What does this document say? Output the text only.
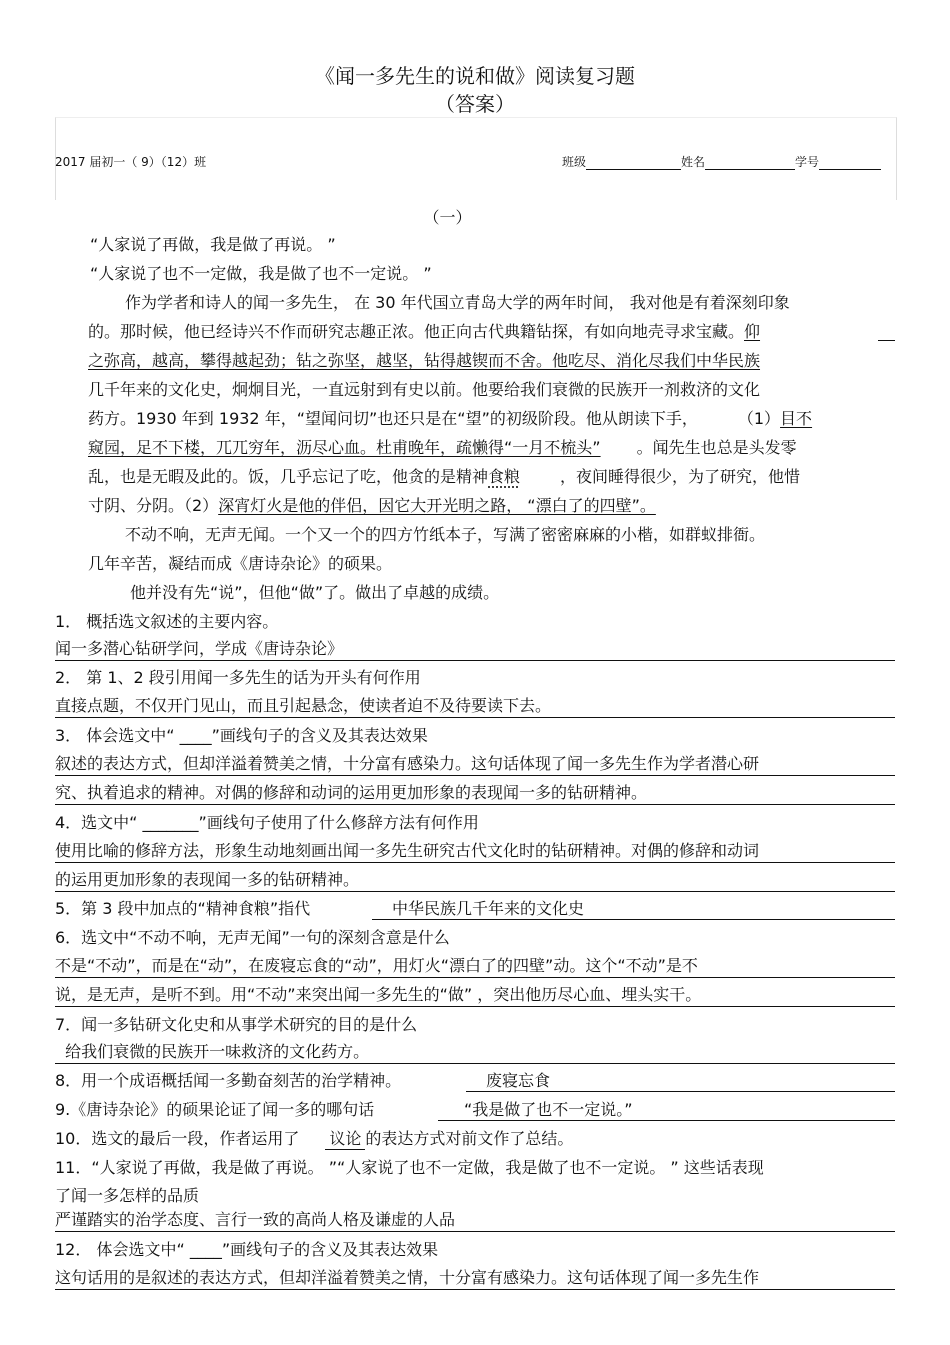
《闻一多先生的说和做》阅读复习题
（答案）
2017 届初一（ 9）（12）班	班级	姓名	学号
（一）
“人家说了再做，我是做了再说。 ”
“人家说了也不一定做，我是做了也不一定说。 ”
作为学者和诗人的闻一多先生， 在 30 年代国立青岛大学的两年时间， 我对他是有着深刻印象
的。那时候，他已经诗兴不作而研究志趣正浓。他正向古代典籍钻探，有如向地壳寻求宝藏。仰
之弥高，越高，攀得越起劲；钻之弥坚，越坚，钻得越锲而不舍。他吃尽、消化尽我们中华民族
几千年来的文化史，炯炯目光，一直远射到有史以前。他要给我们衰微的民族开一剂救济的文化
药方。1930 年到 1932 年，“望闻问切”也还只是在“望”的初级阶段。他从朗读下手，	（1）目不
窥园，足不下楼，兀兀穷年，沥尽心血。杜甫晚年，疏懒得“一月不梳头” 。闻先生也总是头发零
乱，也是无暇及此的。饭，几乎忘记了吃，他贪的是精神食粮	，夜间睡得很少，为了研究，他惜
寸阴、分阴。（2）深宵灯火是他的伴侣，因它大开光明之路， “漂白了的四壁”。
不动不响，无声无闻。一个又一个的四方竹纸本子，写满了密密麻麻的小楷，如群蚁排衙。
几年辛苦，凝结而成《唐诗杂论》的硕果。
他并没有先“说”，但他“做”了。做出了卓越的成绩。
1． 概括选文叙述的主要内容。
闻一多潜心钻研学问，学成《唐诗杂论》
2． 第 1、2 段引用闻一多先生的话为开头有何作用
直接点题，不仅开门见山，而且引起悬念，使读者迫不及待要读下去。
3． 体会选文中“ ____”画线句子的含义及其表达效果
叙述的表达方式，但却洋溢着赞美之情，十分富有感染力。这句话体现了闻一多先生作为学者潜心研
究、执着追求的精神。对偶的修辞和动词的运用更加形象的表现闻一多的钻研精神。
4．选文中“ _______”画线句子使用了什么修辞方法有何作用
使用比喻的修辞方法，形象生动地刻画出闻一多先生研究古代文化时的钻研精神。对偶的修辞和动词
的运用更加形象的表现闻一多的钻研精神。
5．第 3 段中加点的“精神食粮”指代	中华民族几千年来的文化史
6．选文中“不动不响，无声无闻”一句的深刻含意是什么
不是“不动”，而是在“动”，在废寝忘食的“动”，用灯火“漂白了的四壁”动。这个“不动”是不
说，是无声，是听不到。用“不动”来突出闻一多先生的“做” ，突出他历尽心血、埋头实干。
7．闻一多钻研文化史和从事学术研究的目的是什么
给我们衰微的民族开一味救济的文化药方。
8．用一个成语概括闻一多勤奋刻苦的治学精神。	废寝忘食
9.《唐诗杂论》的硕果论证了闻一多的哪句话	“我是做了也不一定说。”
10．选文的最后一段，作者运用了 议论 的表达方式对前文作了总结。
11．“人家说了再做，我是做了再说。 ”“人家说了也不一定做，我是做了也不一定说。 ” 这些话表现
了闻一多怎样的品质
严谨踏实的治学态度、言行一致的高尚人格及谦虚的人品
12． 体会选文中“ ____”画线句子的含义及其表达效果
这句话用的是叙述的表达方式，但却洋溢着赞美之情，十分富有感染力。这句话体现了闻一多先生作
